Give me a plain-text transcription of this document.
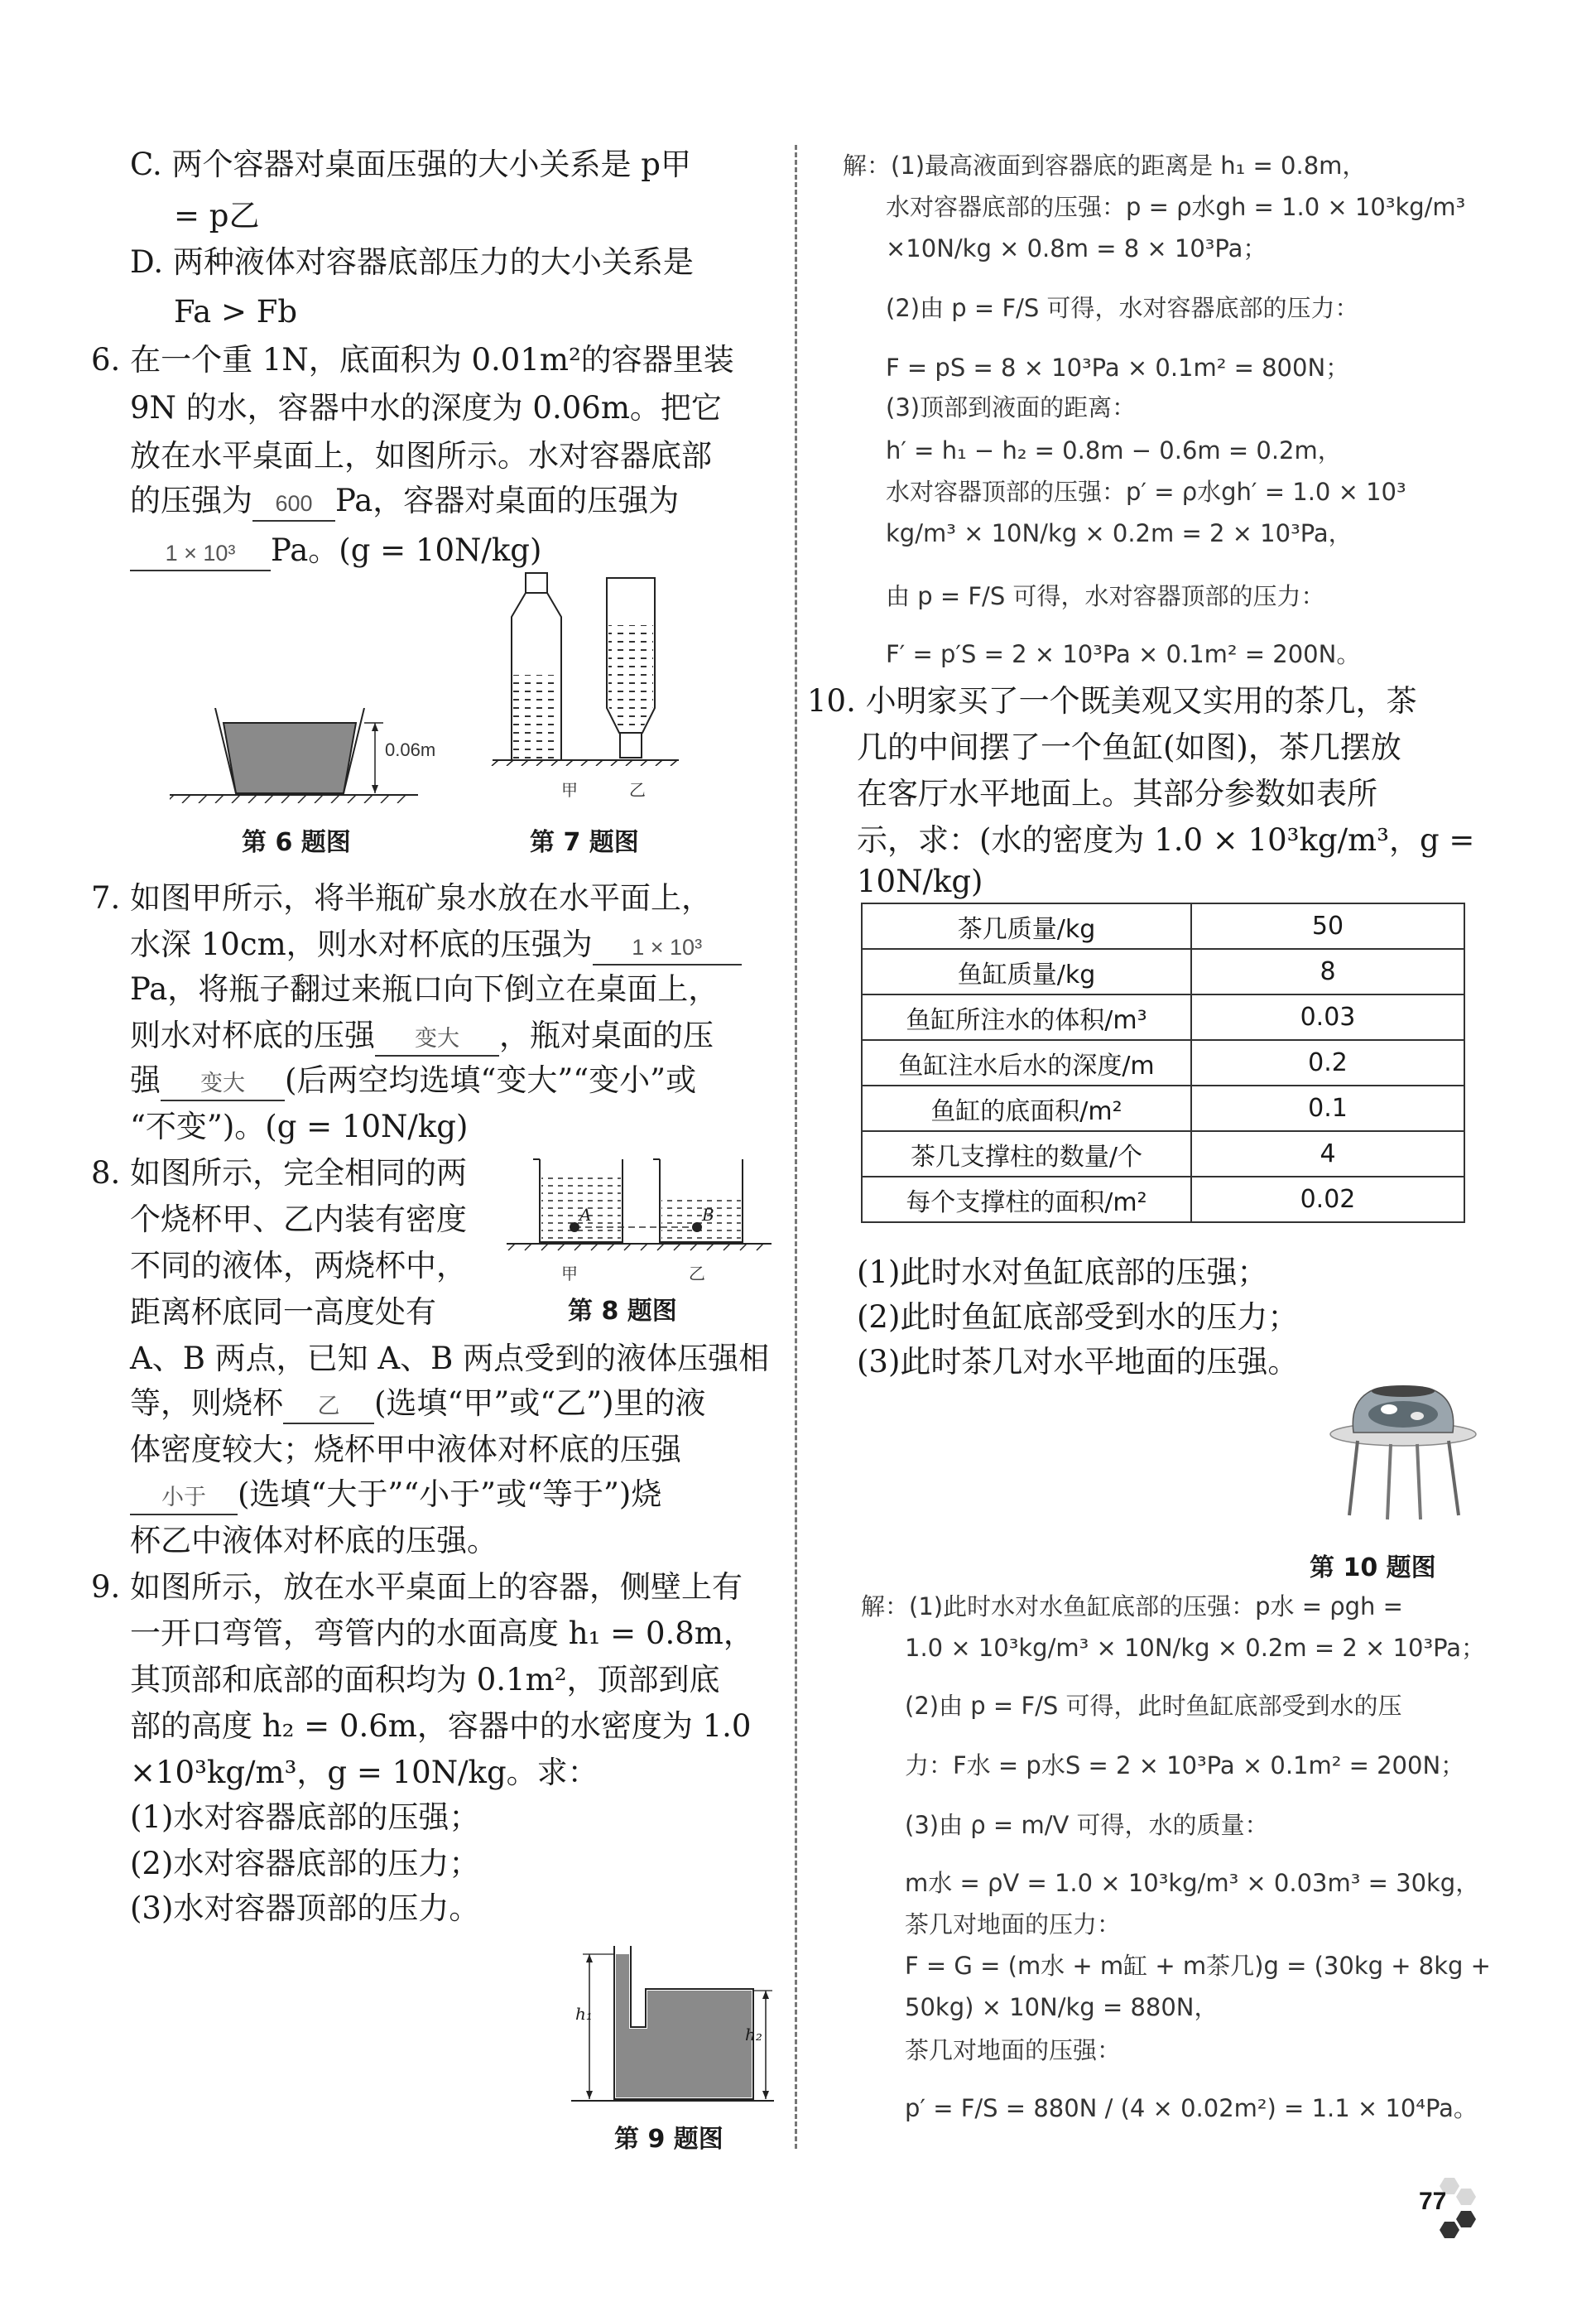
C. 两个容器对桌面压强的大小关系是 p甲
= p乙
D. 两种液体对容器底部压力的大小关系是
Fa > Fb
6. 在一个重 1N，底面积为 0.01m²的容器里装
9N 的水，容器中水的深度为 0.06m。把它
放在水平桌面上，如图所示。水对容器底部
的压强为 600 Pa，容器对桌面的压强为
1 × 10³ Pa。(g = 10N/kg)
0.06m
第 6 题图
甲	乙
第 7 题图
7. 如图甲所示，将半瓶矿泉水放在水平面上，
水深 10cm，则水对杯底的压强为 1 × 10³
Pa，将瓶子翻过来瓶口向下倒立在桌面上，
则水对杯底的压强 变大 ，瓶对桌面的压
强 变大 (后两空均选填“变大”“变小”或
“不变”)。(g = 10N/kg)
8. 如图所示，完全相同的两
个烧杯甲、乙内装有密度
不同的液体，两烧杯中，
距离杯底同一高度处有
A	B
甲	乙
第 8 题图
A、B 两点，已知 A、B 两点受到的液体压强相
等，则烧杯 乙 (选填“甲”或“乙”)里的液
体密度较大；烧杯甲中液体对杯底的压强
小于 (选填“大于”“小于”或“等于”)烧
杯乙中液体对杯底的压强。
9. 如图所示，放在水平桌面上的容器，侧壁上有
一开口弯管，弯管内的水面高度 h₁ = 0.8m，
其顶部和底部的面积均为 0.1m²，顶部到底
部的高度 h₂ = 0.6m，容器中的水密度为 1.0
×10³kg/m³，g = 10N/kg。求：
(1)水对容器底部的压强；
(2)水对容器底部的压力；
(3)水对容器顶部的压力。
h₁
h₂
第 9 题图
解：(1)最高液面到容器底的距离是 h₁ = 0.8m，
水对容器底部的压强：p = ρ水gh = 1.0 × 10³kg/m³
×10N/kg × 0.8m = 8 × 10³Pa；
(2)由 p = F/S 可得，水对容器底部的压力：
F = pS = 8 × 10³Pa × 0.1m² = 800N；
(3)顶部到液面的距离：
h′ = h₁ − h₂ = 0.8m − 0.6m = 0.2m，
水对容器顶部的压强：p′ = ρ水gh′ = 1.0 × 10³
kg/m³ × 10N/kg × 0.2m = 2 × 10³Pa，
由 p = F/S 可得，水对容器顶部的压力：
F′ = p′S = 2 × 10³Pa × 0.1m² = 200N。
10. 小明家买了一个既美观又实用的茶几，茶
几的中间摆了一个鱼缸(如图)，茶几摆放
在客厅水平地面上。其部分参数如表所
示，求：(水的密度为 1.0 × 10³kg/m³，g =
10N/kg)
茶几质量/kg	50
鱼缸质量/kg	8
鱼缸所注水的体积/m³	0.03
鱼缸注水后水的深度/m	0.2
鱼缸的底面积/m²	0.1
茶几支撑柱的数量/个	4
每个支撑柱的面积/m²	0.02
(1)此时水对鱼缸底部的压强；
(2)此时鱼缸底部受到水的压力；
(3)此时茶几对水平地面的压强。
第 10 题图
解：(1)此时水对水鱼缸底部的压强：p水 = ρgh =
1.0 × 10³kg/m³ × 10N/kg × 0.2m = 2 × 10³Pa；
(2)由 p = F/S 可得，此时鱼缸底部受到水的压
力：F水 = p水S = 2 × 10³Pa × 0.1m² = 200N；
(3)由 ρ = m/V 可得，水的质量：
m水 = ρV = 1.0 × 10³kg/m³ × 0.03m³ = 30kg，
茶几对地面的压力：
F = G = (m水 + m缸 + m茶几)g = (30kg + 8kg +
50kg) × 10N/kg = 880N，
茶几对地面的压强：
p′ = F/S = 880N / (4 × 0.02m²) = 1.1 × 10⁴Pa。
77
